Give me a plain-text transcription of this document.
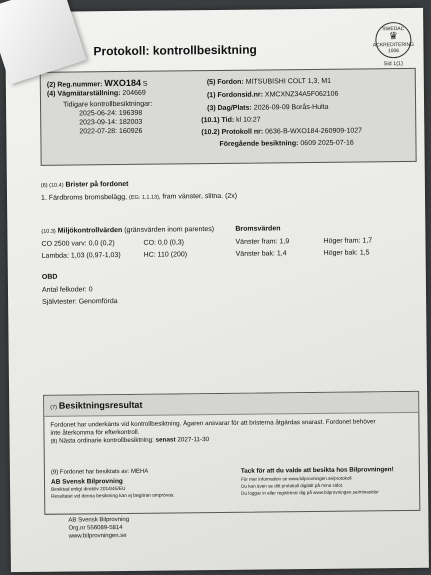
SWEDAC
♛
ACKREDITERING
1006
Protokoll: kontrollbesiktning
Sid 1(1)
(2) Reg.nummer: WXO184 S
(4) Vägmätarställning: 204669
Tidigare kontrollbesiktningar:
2025-06-24: 196398
2023-09-14: 182003
2022-07-28: 160926
(5) Fordon: MITSUBISHI COLT 1,3, M1
(1) Fordonsid.nr: XMCXNZ34A5F062106
(3) Dag/Plats: 2026-09-09 Borås-Hulta
(10.1) Tid: kl 10:27
(10.2) Protokoll nr: 0636-B-WXO184-260909-1027
Föregående besiktning: 0609 2025-07-16
(6) (10.4) Brister på fordonet
1. Färdbroms bromsbelägg, (EG: 1.1.13), fram vänster, slitna. (2x)
(10.3) Miljökontrollvärden (gränsvärden inom parentes)
CO 2500 varv: 0,0 (0,2)	CO: 0,0 (0,3)
Lambda: 1,03 (0,97-1,03)	HC: 110 (200)
Bromsvärden
Vänster fram: 1,9	Höger fram: 1,7
Vänster bak: 1,4	Höger bak: 1,5
OBD
Antal felkoder: 0
Självtester: Genomförda
(7) Besiktningsresultat
Fordonet har underkänts vid kontrollbesiktning. Ägaren ansvarar för att bristerna åtgärdas snarast. Fordonet behöver
inte återkomma för efterkontroll.
(8) Nästa ordinarie kontrollbesiktning: senast 2027-11-30
(9) Fordonet har besiktats av: MEHA
AB Svensk Bilprovning
Besiktad enligt direktiv 2014/45/EU
Resultatet vid denna besiktning kan ej begäran omprövas.
Tack för att du valde att besikta hos Bilprovningen!
För mer information se www.bilprovningen.se/protokoll
Du kan även se ditt protokoll digitalt på mina sidor.
Du loggar in eller registrerar dig på www.bilprovningen.se/minasidor
AB Svensk Bilprovning
Org.nr 556089-5814
www.bilprovningen.se
